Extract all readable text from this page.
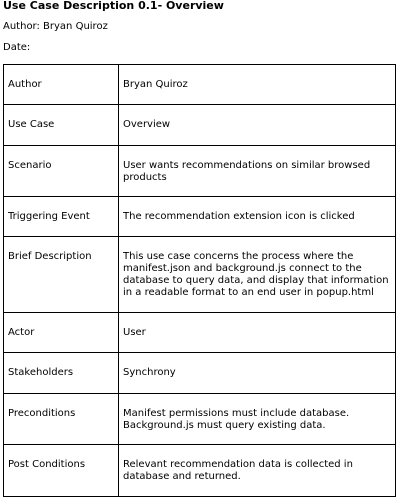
Use Case Description 0.1- Overview
Author: Bryan Quiroz
Date:
Author	Bryan Quiroz
Use Case	Overview
Scenario	User wants recommendations on similar browsed products
Triggering Event	The recommendation extension icon is clicked
Brief Description	This use case concerns the process where the manifest.json and background.js connect to the database to query data, and display that information in a readable format to an end user in popup.html
Actor	User
Stakeholders	Synchrony
Preconditions	Manifest permissions must include database. Background.js must query existing data.
Post Conditions	Relevant recommendation data is collected in database and returned.
